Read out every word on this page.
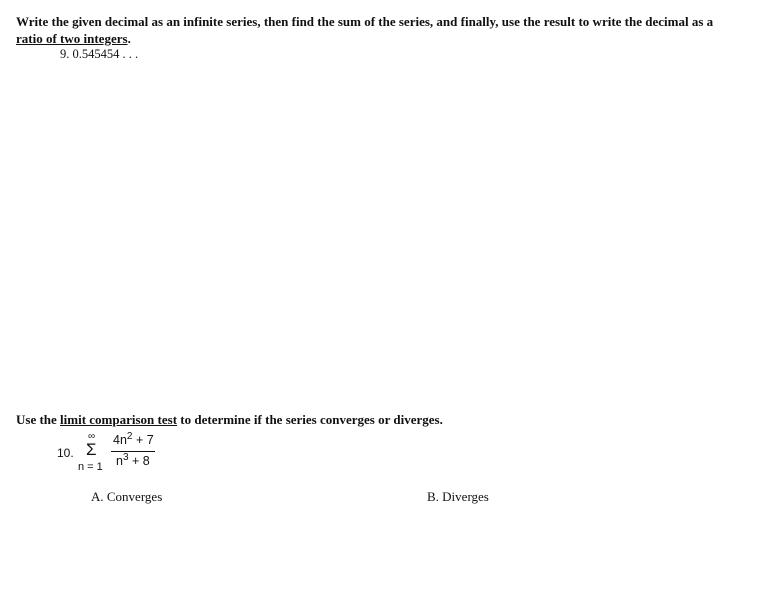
Write the given decimal as an infinite series, then find the sum of the series, and finally, use the result to write the decimal as a ratio of two integers.
9. 0.545454 . . .
Use the limit comparison test to determine if the series converges or diverges.
10.
∞
Σ
n = 1
$4n^2 + 7$
$n^3 + 8$
A. Converges	B. Diverges
